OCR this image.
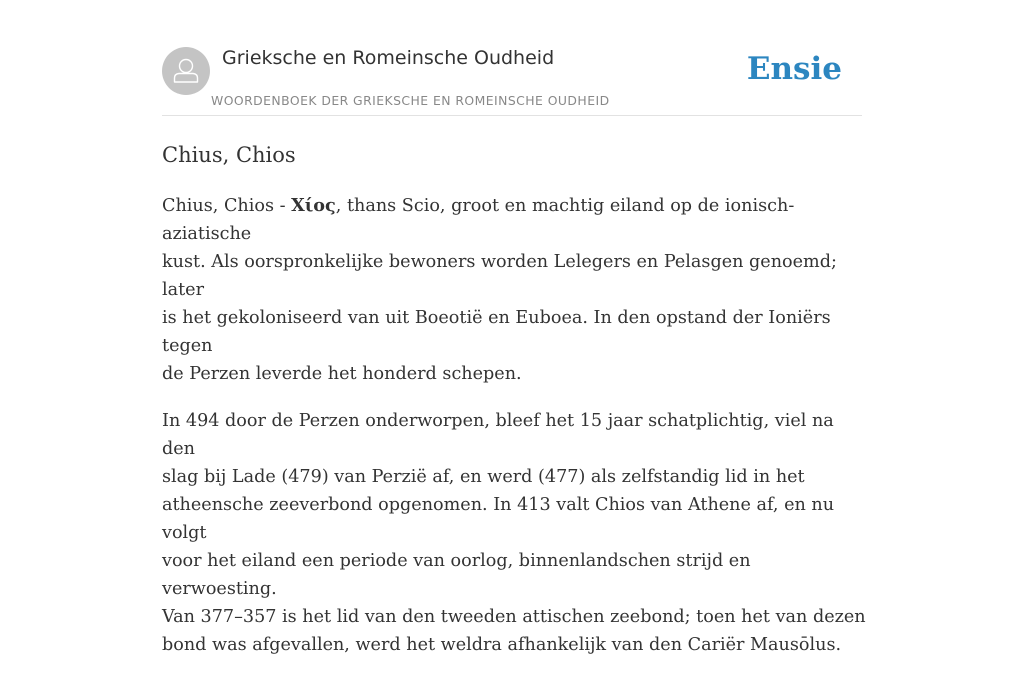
Grieksche en Romeinsche Oudheid
WOORDENBOEK DER GRIEKSCHE EN ROMEINSCHE OUDHEID
Ensie
Chius, Chios

Chius, Chios - Χίος, thans Scio, groot en machtig eiland op de ionisch-aziatische
kust. Als oorspronkelijke bewoners worden Lelegers en Pelasgen genoemd; later
is het gekoloniseerd van uit Boeotië en Euboea. In den opstand der Ioniërs tegen
de Perzen leverde het honderd schepen.

In 494 door de Perzen onderworpen, bleef het 15 jaar schatplichtig, viel na den
slag bij Lade (479) van Perzië af, en werd (477) als zelfstandig lid in het
atheensche zeeverbond opgenomen. In 413 valt Chios van Athene af, en nu volgt
voor het eiland een periode van oorlog, binnenlandschen strijd en verwoesting.
Van 377–357 is het lid van den tweeden attischen zeebond; toen het van dezen
bond was afgevallen, werd het weldra afhankelijk van den Cariër Mausōlus.
